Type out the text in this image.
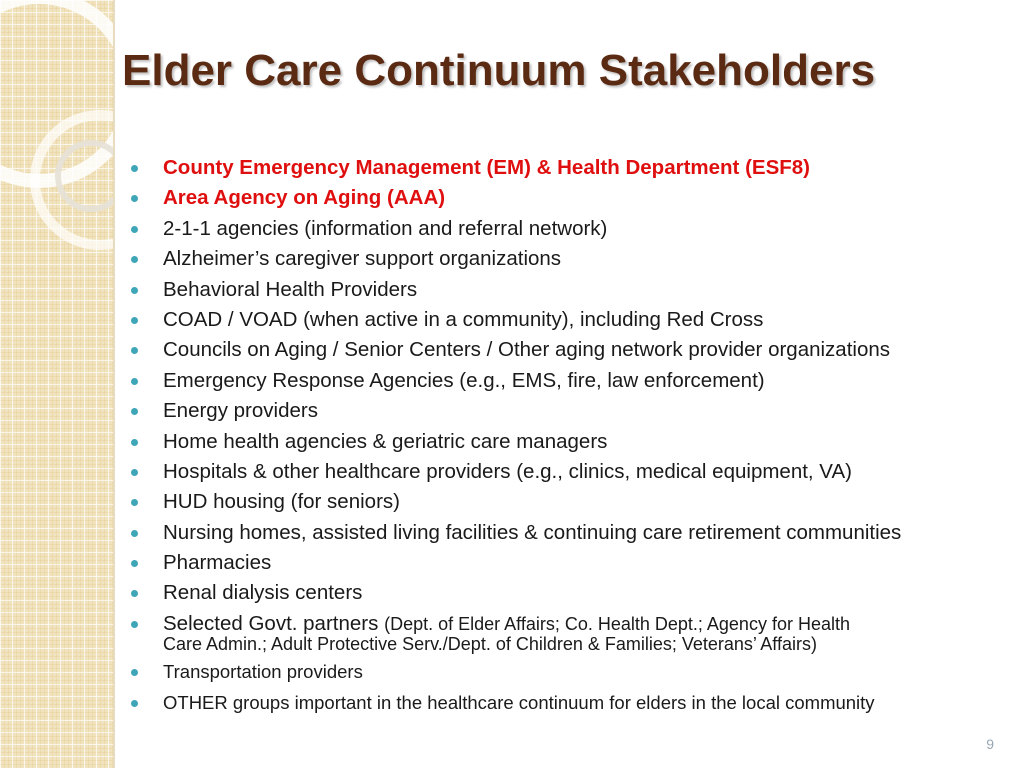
Elder Care Continuum Stakeholders
County Emergency Management (EM) & Health Department (ESF8)
Area Agency on Aging (AAA)
2-1-1 agencies (information and referral network)
Alzheimer’s caregiver support organizations
Behavioral Health Providers
COAD / VOAD (when active in a community), including Red Cross
Councils on Aging / Senior Centers / Other aging network provider organizations
Emergency Response Agencies (e.g., EMS, fire, law enforcement)
Energy providers
Home health agencies & geriatric care managers
Hospitals & other healthcare providers (e.g., clinics, medical equipment, VA)
HUD housing (for seniors)
Nursing homes, assisted living facilities & continuing care retirement communities
Pharmacies
Renal dialysis centers
Selected Govt. partners (Dept. of Elder Affairs; Co. Health Dept.; Agency for Health
Care Admin.; Adult Protective Serv./Dept. of Children & Families; Veterans’ Affairs)
Transportation providers
OTHER groups important in the healthcare continuum for elders in the local community
9
